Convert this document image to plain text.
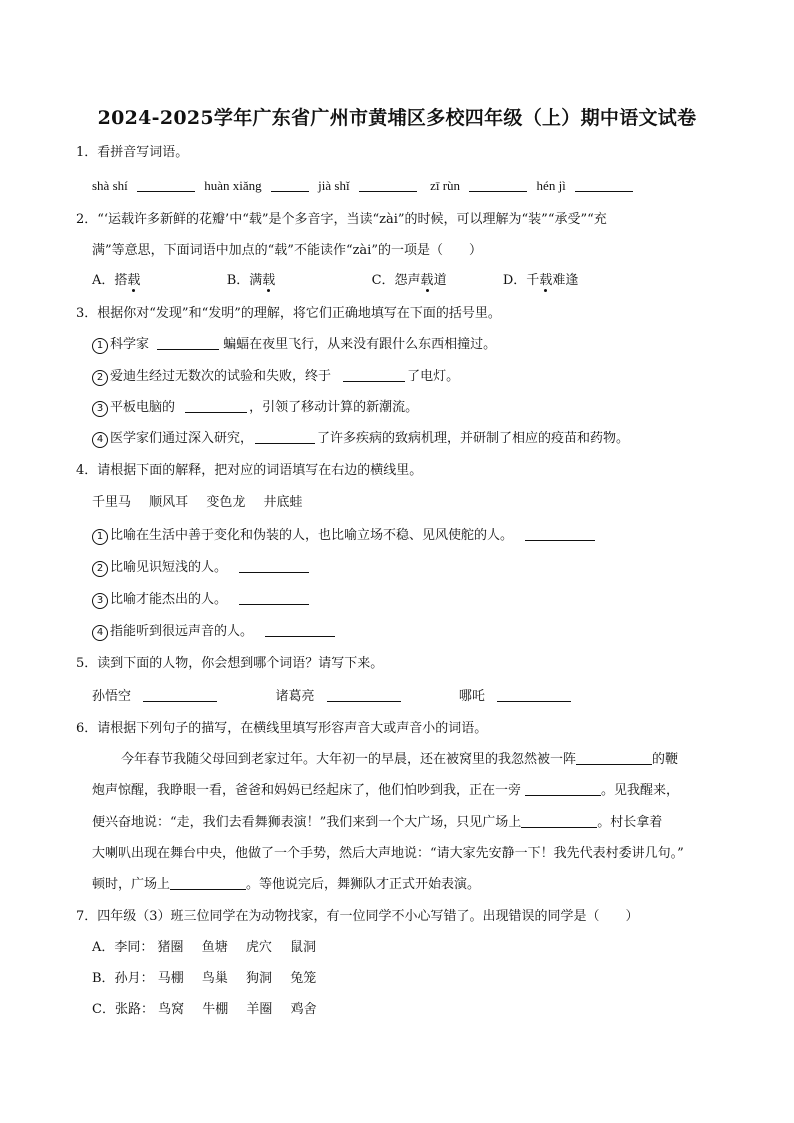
2024-2025学年广东省广州市黄埔区多校四年级（上）期中语文试卷
1．看拼音写词语。
shà shí	huàn xiǎng	jià shǐ	zī rùn	hén jì
2．“‘运载许多新鲜的花瓣’中“载”是个多音字，当读“zài”的时候，可以理解为“装”“承受”“充
满”等意思，下面词语中加点的“载”不能读作“zài”的一项是（　　）
A．搭载	B．满载	C．怨声载道	D．千载难逢
3．根据你对“发现”和“发明”的理解，将它们正确地填写在下面的括号里。
1 科学家	蝙蝠在夜里飞行，从来没有跟什么东西相撞过。
2 爱迪生经过无数次的试验和失败，终于	了电灯。
3 平板电脑的	，引领了移动计算的新潮流。
4 医学家们通过深入研究，	了许多疾病的致病机理，并研制了相应的疫苗和药物。
4．请根据下面的解释，把对应的词语填写在右边的横线里。
千里马 顺风耳 变色龙 井底蛙
1 比喻在生活中善于变化和伪装的人，也比喻立场不稳、见风使舵的人。
2 比喻见识短浅的人。
3 比喻才能杰出的人。
4 指能听到很远声音的人。
5．读到下面的人物，你会想到哪个词语？请写下来。
孙悟空	诸葛亮	哪吒
6．请根据下列句子的描写，在横线里填写形容声音大或声音小的词语。
今年春节我随父母回到老家过年。大年初一的早晨，还在被窝里的我忽然被一阵	的鞭
炮声惊醒，我睁眼一看，爸爸和妈妈已经起床了，他们怕吵到我，正在一旁	。见我醒来，
便兴奋地说：“走，我们去看舞狮表演！”我们来到一个大广场，只见广场上	。村长拿着
大喇叭出现在舞台中央，他做了一个手势，然后大声地说：“请大家先安静一下！我先代表村委讲几句。”
顿时，广场上	。等他说完后，舞狮队才正式开始表演。
7．四年级（3）班三位同学在为动物找家，有一位同学不小心写错了。出现错误的同学是（　　）
A．李同： 猪圈 鱼塘 虎穴 鼠洞
B．孙月： 马棚 鸟巢 狗洞 兔笼
C．张路： 鸟窝 牛棚 羊圈 鸡舍
